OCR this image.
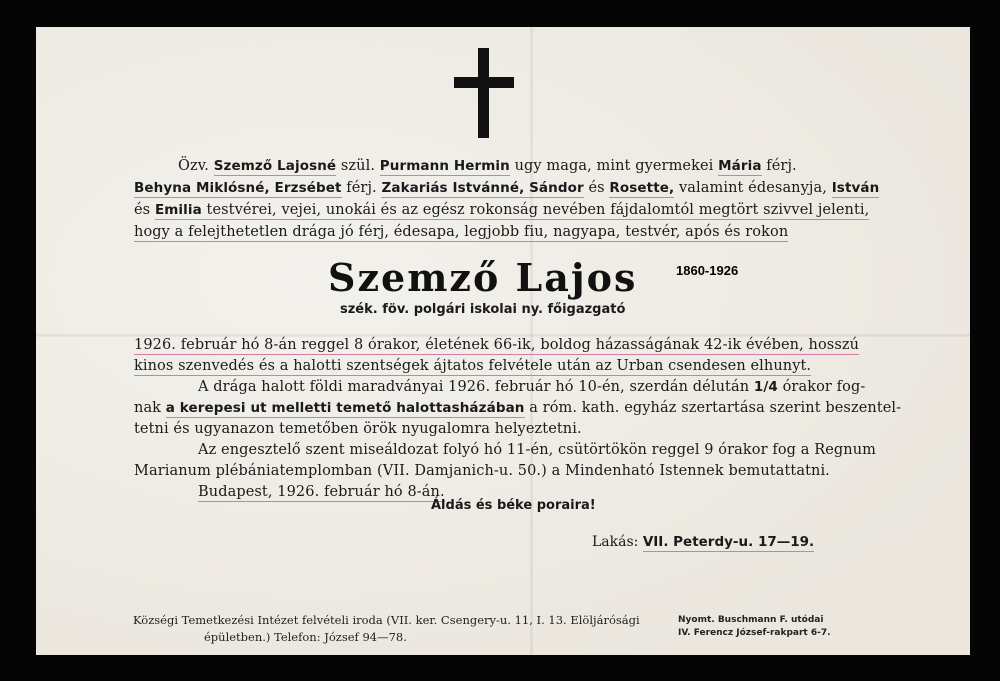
Özv. Szemző Lajosné szül. Purmann Hermin ugy maga, mint gyermekei Mária férj.
Behyna Miklósné, Erzsébet férj. Zakariás Istvánné, Sándor és Rosette, valamint édesanyja, István
és Emilia testvérei, vejei, unokái és az egész rokonság nevében fájdalomtól megtört szivvel jelenti,
hogy a felejthetetlen drága jó férj, édesapa, legjobb fiu, nagyapa, testvér, após és rokon
Szemző Lajos	1860-1926
szék. föv. polgári iskolai ny. főigazgató
1926. február hó 8-án reggel 8 órakor, életének 66-ik, boldog házasságának 42-ik évében, hosszú
kinos szenvedés és a halotti szentségek ájtatos felvétele után az Urban csendesen elhunyt.
A drága halott földi maradványai 1926. február hó 10-én, szerdán délután 1/4 órakor fog-
nak a kerepesi ut melletti temető halottasházában a róm. kath. egyház szertartása szerint beszentel-
tetni és ugyanazon temetőben örök nyugalomra helyeztetni.
Az engesztelő szent miseáldozat folyó hó 11-én, csütörtökön reggel 9 órakor fog a Regnum
Marianum plébániatemplomban (VII. Damjanich-u. 50.) a Mindenható Istennek bemutattatni.
Budapest, 1926. február hó 8-án.
Áldás és béke poraira!
Lakás: VII. Peterdy-u. 17—19.
Községi Temetkezési Intézet felvételi iroda (VII. ker. Csengery-u. 11, I. 13. Elöljárósági
épületben.) Telefon: József 94—78.
Nyomt. Buschmann F. utódai
IV. Ferencz József-rakpart 6-7.
